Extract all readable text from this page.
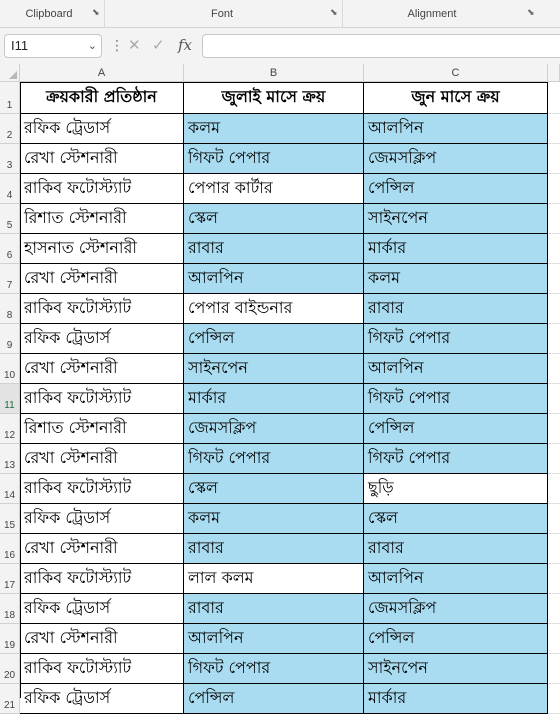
Clipboard	⬊	Font	⬊	Alignment	⬊
I11	⌄ ⋮ ✕ ✓ fx
A	B	C
1	ক্রয়কারী প্রতিষ্ঠান	জুলাই মাসে ক্রয়	জুন মাসে ক্রয়
2 রফিক ট্রেডার্স	কলম	আলপিন
3 রেখা স্টেশনারী	গিফট পেপার	জেমসক্লিপ
4 রাকিব ফটোস্ট্যাট	পেপার কার্টার	পেন্সিল
5 রিশাত স্টেশনারী	স্কেল	সাইনপেন
6 হাসনাত স্টেশনারী	রাবার	মার্কার
7 রেখা স্টেশনারী	আলপিন	কলম
8 রাকিব ফটোস্ট্যাট	পেপার বাইন্ডনার	রাবার
9 রফিক ট্রেডার্স	পেন্সিল	গিফট পেপার
10 রেখা স্টেশনারী	সাইনপেন	আলপিন
11 রাকিব ফটোস্ট্যাট	মার্কার	গিফট পেপার
12 রিশাত স্টেশনারী	জেমসক্লিপ	পেন্সিল
13 রেখা স্টেশনারী	গিফট পেপার	গিফট পেপার
14 রাকিব ফটোস্ট্যাট	স্কেল	ছুড়ি
15 রফিক ট্রেডার্স	কলম	স্কেল
16 রেখা স্টেশনারী	রাবার	রাবার
17 রাকিব ফটোস্ট্যাট	লাল কলম	আলপিন
18 রফিক ট্রেডার্স	রাবার	জেমসক্লিপ
19 রেখা স্টেশনারী	আলপিন	পেন্সিল
20 রাকিব ফটোস্ট্যাট	গিফট পেপার	সাইনপেন
21 রফিক ট্রেডার্স	পেন্সিল	মার্কার
